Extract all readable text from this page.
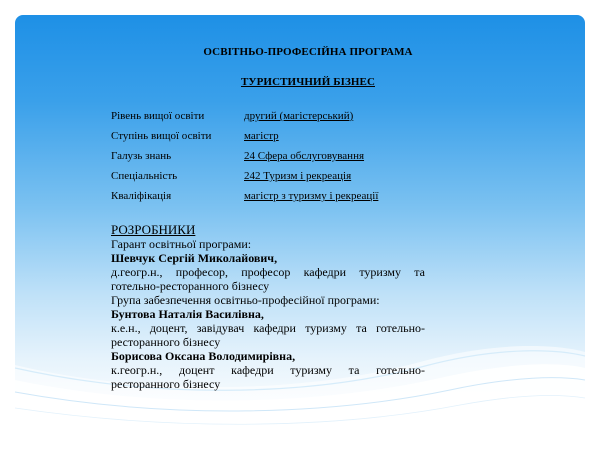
ОСВІТНЬО-ПРОФЕСІЙНА ПРОГРАМА
ТУРИСТИЧНИЙ БІЗНЕС
Рівень вищої освіти	другий (магістерський)
Ступінь вищої освіти	магістр
Галузь знань	24 Сфера обслуговування
Спеціальність	242 Туризм і рекреація
Кваліфікація	магістр з туризму і рекреації

РОЗРОБНИКИ

Гарант освітньої програми:

Шевчук Сергій Миколайович,

д.геогр.н., професор, професор кафедри туризму та готельно-ресторанного бізнесу

Група забезпечення освітньо-професійної програми:

Бунтова Наталія Василівна,

к.е.н., доцент, завідувач кафедри туризму та готельно-ресторанного бізнесу

Борисова Оксана Володимирівна,

к.геогр.н., доцент кафедри туризму та готельно-ресторанного бізнесу
